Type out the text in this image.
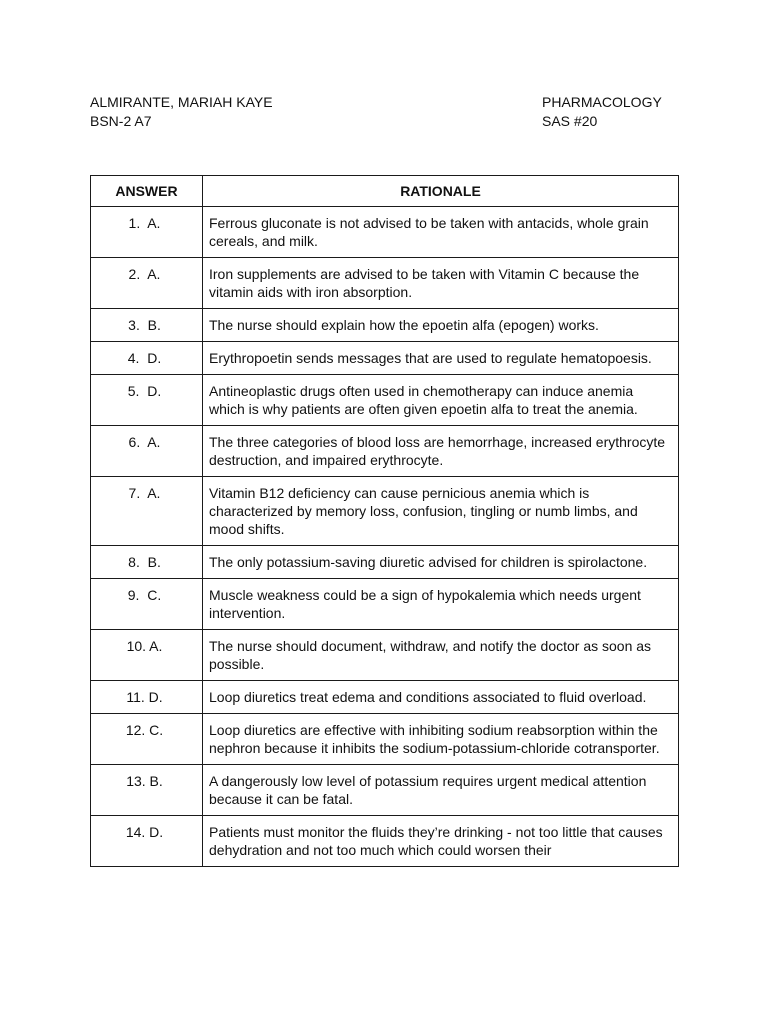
ALMIRANTE, MARIAH KAYE
BSN-2 A7
PHARMACOLOGY
SAS #20
ANSWER	RATIONALE
1.  A.	Ferrous gluconate is not advised to be taken with antacids, whole grain cereals, and milk.
2.  A.	Iron supplements are advised to be taken with Vitamin C because the vitamin aids with iron absorption.
3.  B.	The nurse should explain how the epoetin alfa (epogen) works.
4.  D.	Erythropoetin sends messages that are used to regulate hematopoesis.
5.  D.	Antineoplastic drugs often used in chemotherapy can induce anemia which is why patients are often given epoetin alfa to treat the anemia.
6.  A.	The three categories of blood loss are hemorrhage, increased erythrocyte destruction, and impaired erythrocyte.
7.  A.	Vitamin B12 deficiency can cause pernicious anemia which is characterized by memory loss, confusion, tingling or numb limbs, and mood shifts.
8.  B.	The only potassium-saving diuretic advised for children is spirolactone.
9.  C.	Muscle weakness could be a sign of hypokalemia which needs urgent intervention.
10. A.	The nurse should document, withdraw, and notify the doctor as soon as possible.
11. D.	Loop diuretics treat edema and conditions associated to fluid overload.
12. C.	Loop diuretics are effective with inhibiting sodium reabsorption within the nephron because it inhibits the sodium-potassium-chloride cotransporter.
13. B.	A dangerously low level of potassium requires urgent medical attention because it can be fatal.
14. D.	Patients must monitor the fluids they’re drinking - not too little that causes dehydration and not too much which could worsen their
